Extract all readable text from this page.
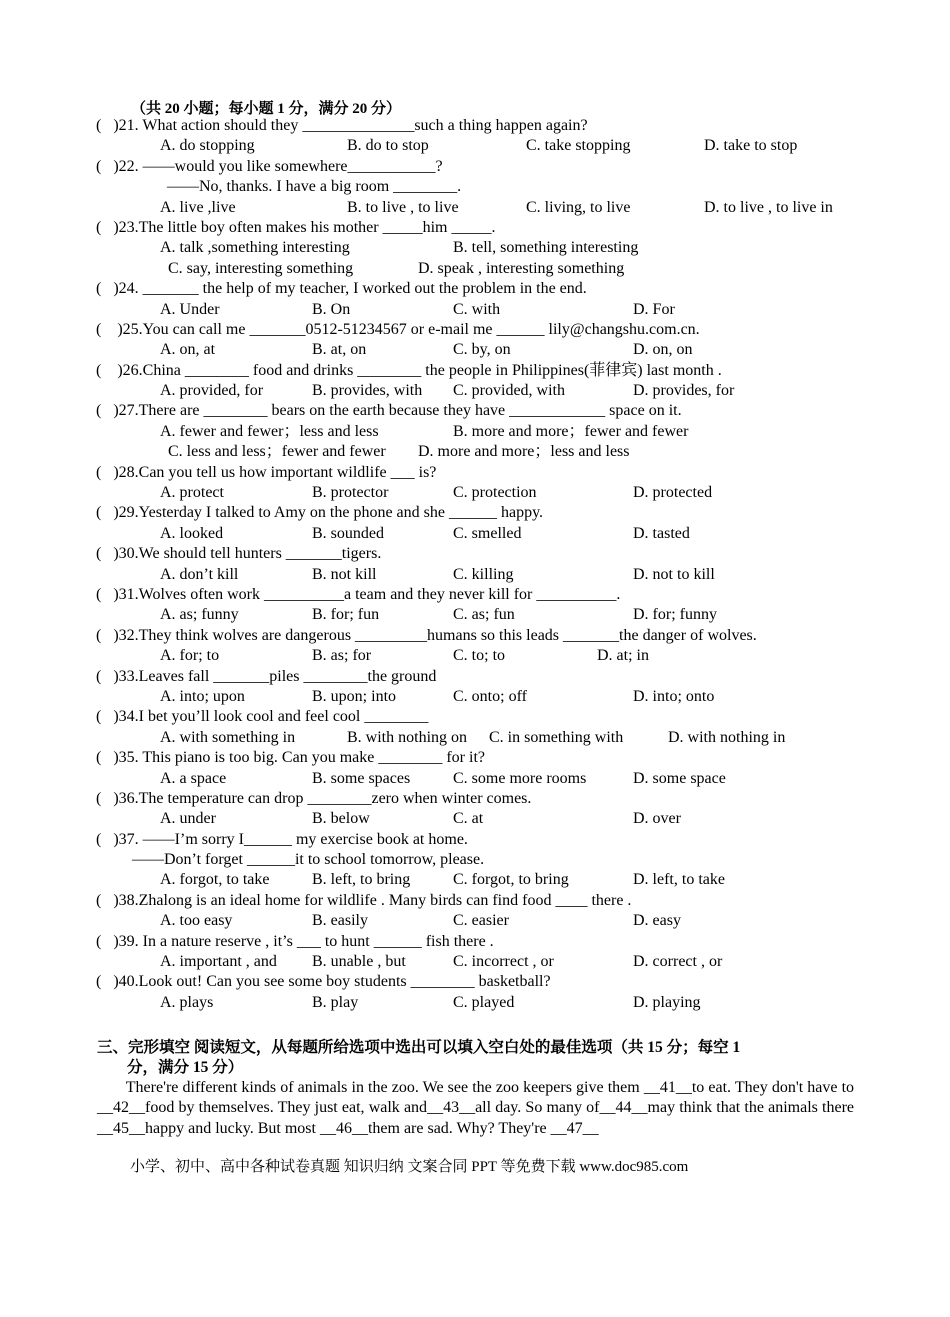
（共 20 小题；每小题 1 分，满分 20 分）
(   )21. What action should they ______________such a thing happen again?
A. do stopping	B. do to stop	C. take stopping	D. take to stop
(   )22. ——would you like somewhere___________?
——No, thanks. I have a big room ________.
A. live ,live	B. to live , to live	C. living, to live	D. to live , to live in
(   )23.The little boy often makes his mother _____him _____.
A. talk ,something interesting	B. tell, something interesting
C. say, interesting something	D. speak , interesting something
(   )24. _______ the help of my teacher, I worked out the problem in the end.
A. Under	B. On	C. with	D. For
(    )25.You can call me _______0512-51234567 or e-mail me ______ lily@changshu.com.cn.
A. on, at	B. at, on	C. by, on	D. on, on
(    )26.China ________ food and drinks ________ the people in Philippines(菲律宾) last month .
A. provided, for	B. provides, with C. provided, with	D. provides, for
(   )27.There are ________ bears on the earth because they have ____________ space on it.
A. fewer and fewer；less and less	B. more and more；fewer and fewer
C. less and less；fewer and fewer D. more and more；less and less
(   )28.Can you tell us how important wildlife ___ is?
A. protect	B. protector	C. protection	D. protected
(   )29.Yesterday I talked to Amy on the phone and she ______ happy.
A. looked	B. sounded	C. smelled	D. tasted
(   )30.We should tell hunters _______tigers.
A. don’t kill	B. not kill	C. killing	D. not to kill
(   )31.Wolves often work __________a team and they never kill for __________.
A. as; funny	B. for; fun	C. as; fun	D. for; funny
(   )32.They think wolves are dangerous _________humans so this leads _______the danger of wolves.
A. for; to	B. as; for	C. to; to	D. at; in
(   )33.Leaves fall _______piles ________the ground
A. into; upon	B. upon; into	C. onto; off	D. into; onto
(   )34.I bet you’ll look cool and feel cool ________
A. with something in	B. with nothing on C. in something with	D. with nothing in
(   )35. This piano is too big. Can you make ________ for it?
A. a space	B. some spaces	C. some more rooms	D. some space
(   )36.The temperature can drop ________zero when winter comes.
A. under	B. below	C. at	D. over
(   )37. ——I’m sorry I______ my exercise book at home.
——Don’t forget ______it to school tomorrow, please.
A. forgot, to take	B. left, to bring	C. forgot, to bring	D. left, to take
(   )38.Zhalong is an ideal home for wildlife . Many birds can find food ____ there .
A. too easy	B. easily	C. easier	D. easy
(   )39. In a nature reserve , it’s ___ to hunt ______ fish there .
A. important , and B. unable , but	C. incorrect , or	D. correct , or
(   )40.Look out! Can you see some boy students ________ basketball?
A. plays	B. play	C. played	D. playing
三、完形填空 阅读短文，从每题所给选项中选出可以填入空白处的最佳选项（共 15 分；每空 1
分，满分 15 分）
There're different kinds of animals in the zoo. We see the zoo keepers give them __41__to eat. They don't have to __42__food by themselves. They just eat, walk and__43__all day. So many of__44__may think that the animals there __45__happy and lucky. But most __46__them are sad. Why? They're __47__
小学、初中、高中各种试卷真题 知识归纳 文案合同 PPT 等免费下载 www.doc985.com
